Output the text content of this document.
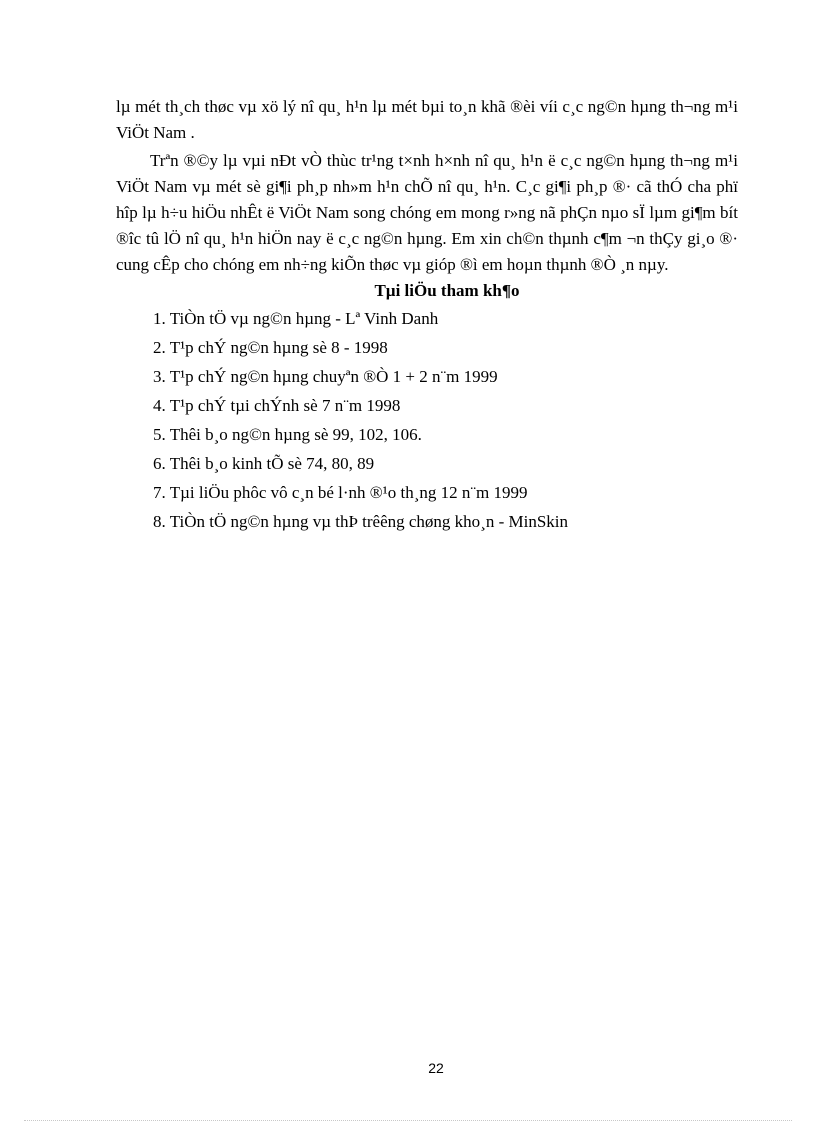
lµ mét th¸ch thøc vµ xö lý nî qu¸ h¹n lµ mét bµi to¸n khã ®èi víi c¸c ng©n hµng th¬ng m¹i ViÖt Nam .

Trªn ®©y lµ vµi nÐt vÒ thùc tr¹ng t×nh h×nh nî qu¸ h¹n ë c¸c ng©n hµng th¬ng m¹i ViÖt Nam vµ mét sè gi¶i ph¸p nh»m h¹n chÕ nî qu¸ h¹n. C¸c gi¶i ph¸p ®· cã thÓ cha phï hîp lµ h÷u hiÖu nhÊt ë ViÖt Nam song chóng em mong r»ng nã phÇn nµo sÏ lµm gi¶m bít ®îc tû lÖ nî qu¸ h¹n hiÖn nay ë c¸c ng©n hµng. Em xin ch©n thµnh c¶m ¬n thÇy gi¸o ®· cung cÊp cho chóng em nh÷ng kiÕn thøc vµ gióp ®ì em hoµn thµnh ®Ò ¸n nµy.

Tµi liÖu tham kh¶o
1. TiÒn tÖ vµ ng©n hµng - Lª Vinh Danh
2. T¹p chÝ ng©n hµng sè 8 - 1998
3. T¹p chÝ ng©n hµng chuyªn ®Ò 1 + 2 n¨m 1999
4. T¹p chÝ tµi chÝnh sè 7 n¨m 1998
5. Thêi b¸o ng©n hµng sè 99, 102, 106.
6. Thêi b¸o kinh tÕ sè 74, 80, 89
7. Tµi liÖu phôc vô c¸n bé l·nh ®¹o th¸ng 12 n¨m 1999
8. TiÒn tÖ ng©n hµng vµ thÞ trêêng chøng kho¸n - MinSkin
22
